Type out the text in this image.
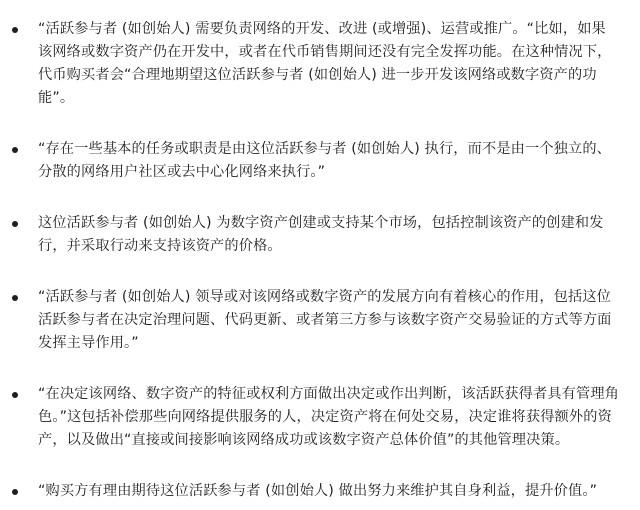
“活跃参与者 (如创始人) 需要负责网络的开发、改进 (或增强)、运营或推广。“比如，如果该网络或数字资产仍在开发中，或者在代币销售期间还没有完全发挥功能。在这种情况下，代币购买者会“合理地期望这位活跃参与者 (如创始人) 进一步开发该网络或数字资产的功能”。
“存在一些基本的任务或职责是由这位活跃参与者 (如创始人) 执行，而不是由一个独立的、分散的网络用户社区或去中心化网络来执行。”
这位活跃参与者 (如创始人) 为数字资产创建或支持某个市场，包括控制该资产的创建和发行，并采取行动来支持该资产的价格。
“活跃参与者 (如创始人) 领导或对该网络或数字资产的发展方向有着核心的作用，包括这位活跃参与者在决定治理问题、代码更新、或者第三方参与该数字资产交易验证的方式等方面发挥主导作用。”
“在决定该网络、数字资产的特征或权利方面做出决定或作出判断，该活跃获得者具有管理角色。”这包括补偿那些向网络提供服务的人，决定资产将在何处交易，决定谁将获得额外的资产，以及做出“直接或间接影响该网络成功或该数字资产总体价值”的其他管理决策。
“购买方有理由期待这位活跃参与者 (如创始人) 做出努力来维护其自身利益，提升价值。”
